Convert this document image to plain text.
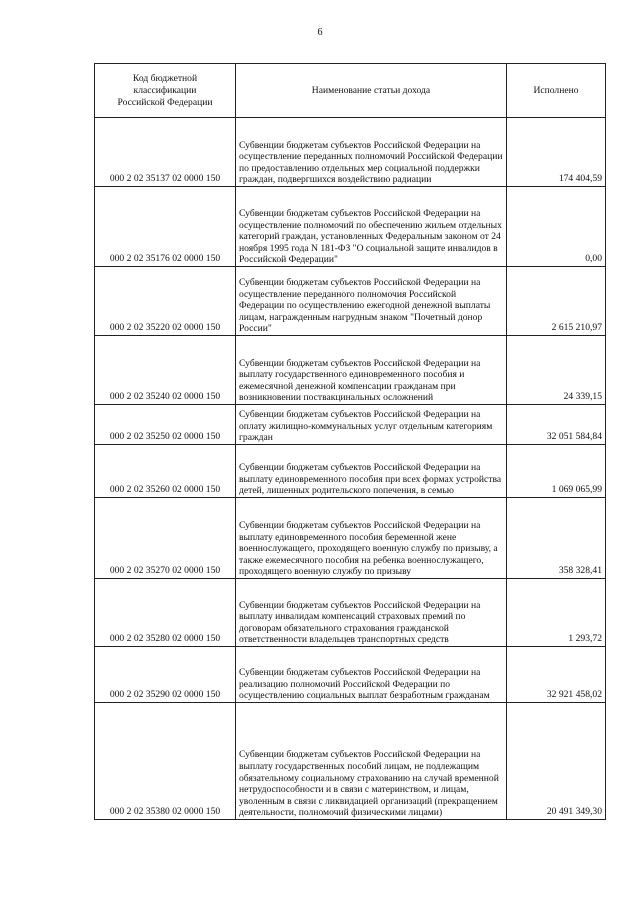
6
Код бюджетной классификации Российской Федерации	Наименование статьи дохода	Исполнено
000 2 02 35137 02 0000 150	Субвенции бюджетам субъектов Российской Федерации на осуществление переданных полномочий Российской Федерации по предоставлению отдельных мер социальной поддержки граждан, подвергшихся воздействию радиации	174 404,59
000 2 02 35176 02 0000 150	Субвенции бюджетам субъектов Российской Федерации на осуществление полномочий по обеспечению жильем отдельных категорий граждан, установленных Федеральным законом от 24 ноября 1995 года N 181-ФЗ "О социальной защите инвалидов в Российской Федерации"	0,00
000 2 02 35220 02 0000 150	Субвенции бюджетам субъектов Российской Федерации на осуществление переданного полномочия Российской Федерации по осуществлению ежегодной денежной выплаты лицам, награжденным нагрудным знаком "Почетный донор России"	2 615 210,97
000 2 02 35240 02 0000 150	Субвенции бюджетам субъектов Российской Федерации на выплату государственного единовременного пособия и ежемесячной денежной компенсации гражданам при возникновении поствакцинальных осложнений	24 339,15
000 2 02 35250 02 0000 150	Субвенции бюджетам субъектов Российской Федерации на оплату жилищно-коммунальных услуг отдельным категориям граждан	32 051 584,84
000 2 02 35260 02 0000 150	Субвенции бюджетам субъектов Российской Федерации на выплату единовременного пособия при всех формах устройства детей, лишенных родительского попечения, в семью	1 069 065,99
000 2 02 35270 02 0000 150	Субвенции бюджетам субъектов Российской Федерации на выплату единовременного пособия беременной жене военнослужащего, проходящего военную службу по призыву, а также ежемесячного пособия на ребенка военнослужащего, проходящего военную службу по призыву	358 328,41
000 2 02 35280 02 0000 150	Субвенции бюджетам субъектов Российской Федерации на выплату инвалидам компенсаций страховых премий по договорам обязательного страхования гражданской ответственности владельцев транспортных средств	1 293,72
000 2 02 35290 02 0000 150	Субвенции бюджетам субъектов Российской Федерации на реализацию полномочий Российской Федерации по осуществлению социальных выплат безработным гражданам	32 921 458,02
000 2 02 35380 02 0000 150	Субвенции бюджетам субъектов Российской Федерации на выплату государственных пособий лицам, не подлежащим обязательному социальному страхованию на случай временной нетрудоспособности и в связи с материнством, и лицам, уволенным в связи с ликвидацией организаций (прекращением деятельности, полномочий физическими лицами)	20 491 349,30
